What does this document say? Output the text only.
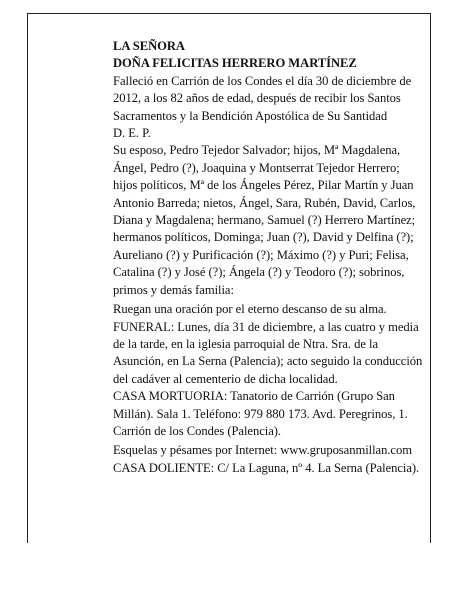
LA SEÑORA

DOÑA FELICITAS HERRERO MARTÍNEZ

Falleció en Carrión de los Condes el día 30 de diciembre de 2012, a los 82 años de edad, después de recibir los Santos Sacramentos y la Bendición Apostólica de Su Santidad

D. E. P.

Su esposo, Pedro Tejedor Salvador; hijos, Mª Magdalena, Ángel, Pedro (?), Joaquina y Montserrat Tejedor Herrero; hijos políticos, Mª de los Ángeles Pérez, Pilar Martín y Juan Antonio Barreda; nietos, Ángel, Sara, Rubén, David, Carlos, Diana y Magdalena; hermano, Samuel (?) Herrero Martínez; hermanos políticos, Dominga; Juan (?), David y Delfina (?); Aureliano (?) y Purificación (?); Máximo (?) y Puri; Felisa, Catalina (?) y José (?); Ángela (?) y Teodoro (?); sobrinos, primos y demás familia:

Ruegan una oración por el eterno descanso de su alma.

FUNERAL: Lunes, día 31 de diciembre, a las cuatro y media de la tarde, en la iglesia parroquial de Ntra. Sra. de la Asunción, en La Serna (Palencia); acto seguido la conducción del cadáver al cementerio de dicha localidad.

CASA MORTUORIA: Tanatorio de Carrión (Grupo San Millán). Sala 1. Teléfono: 979 880 173. Avd. Peregrinos, 1. Carrión de los Condes (Palencia).

Esquelas y pésames por Internet: www.gruposanmillan.com

CASA DOLIENTE: C/ La Laguna, nº 4. La Serna (Palencia).
